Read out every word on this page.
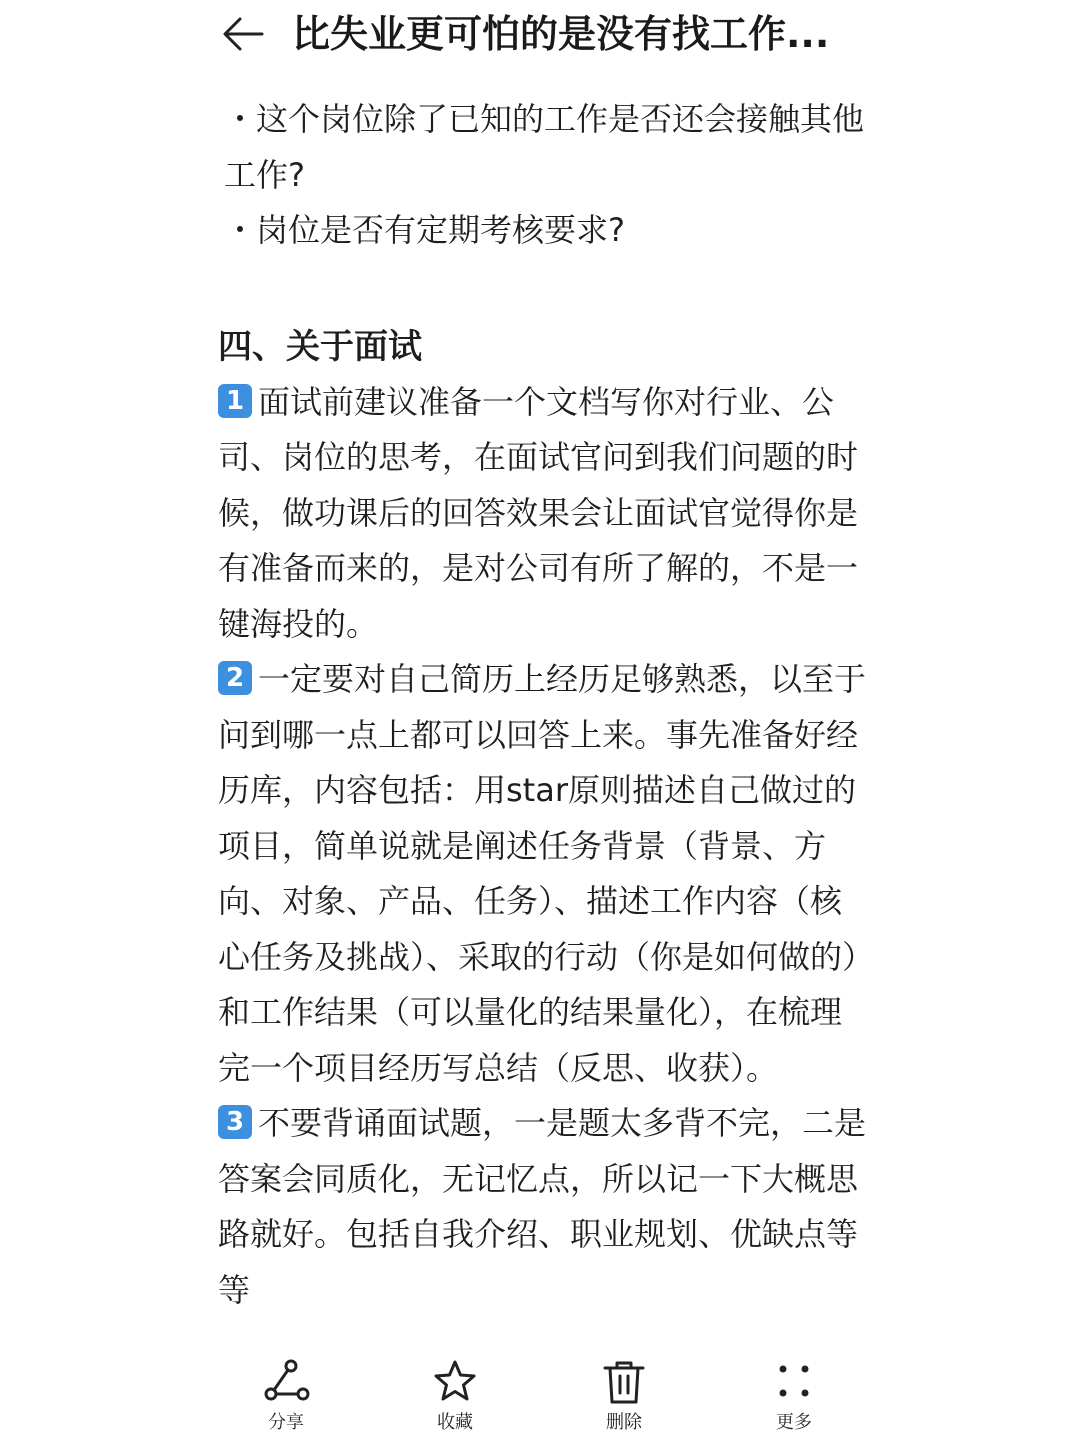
比失业更可怕的是没有找工作...

・这个岗位除了已知的工作是否还会接触其他工作?

・岗位是否有定期考核要求?

四、关于面试

1 面试前建议准备一个文档写你对行业、公司、岗位的思考，在面试官问到我们问题的时候，做功课后的回答效果会让面试官觉得你是有准备而来的，是对公司有所了解的，不是一键海投的。

2 一定要对自己简历上经历足够熟悉，以至于问到哪一点上都可以回答上来。事先准备好经历库，内容包括：用star原则描述自己做过的项目，简单说就是阐述任务背景（背景、方向、对象、产品、任务）、描述工作内容（核心任务及挑战）、采取的行动（你是如何做的）和工作结果（可以量化的结果量化），在梳理完一个项目经历写总结（反思、收获）。

3 不要背诵面试题，一是题太多背不完，二是答案会同质化，无记忆点，所以记一下大概思路就好。包括自我介绍、职业规划、优缺点等等

分享	收藏	删除	更多
